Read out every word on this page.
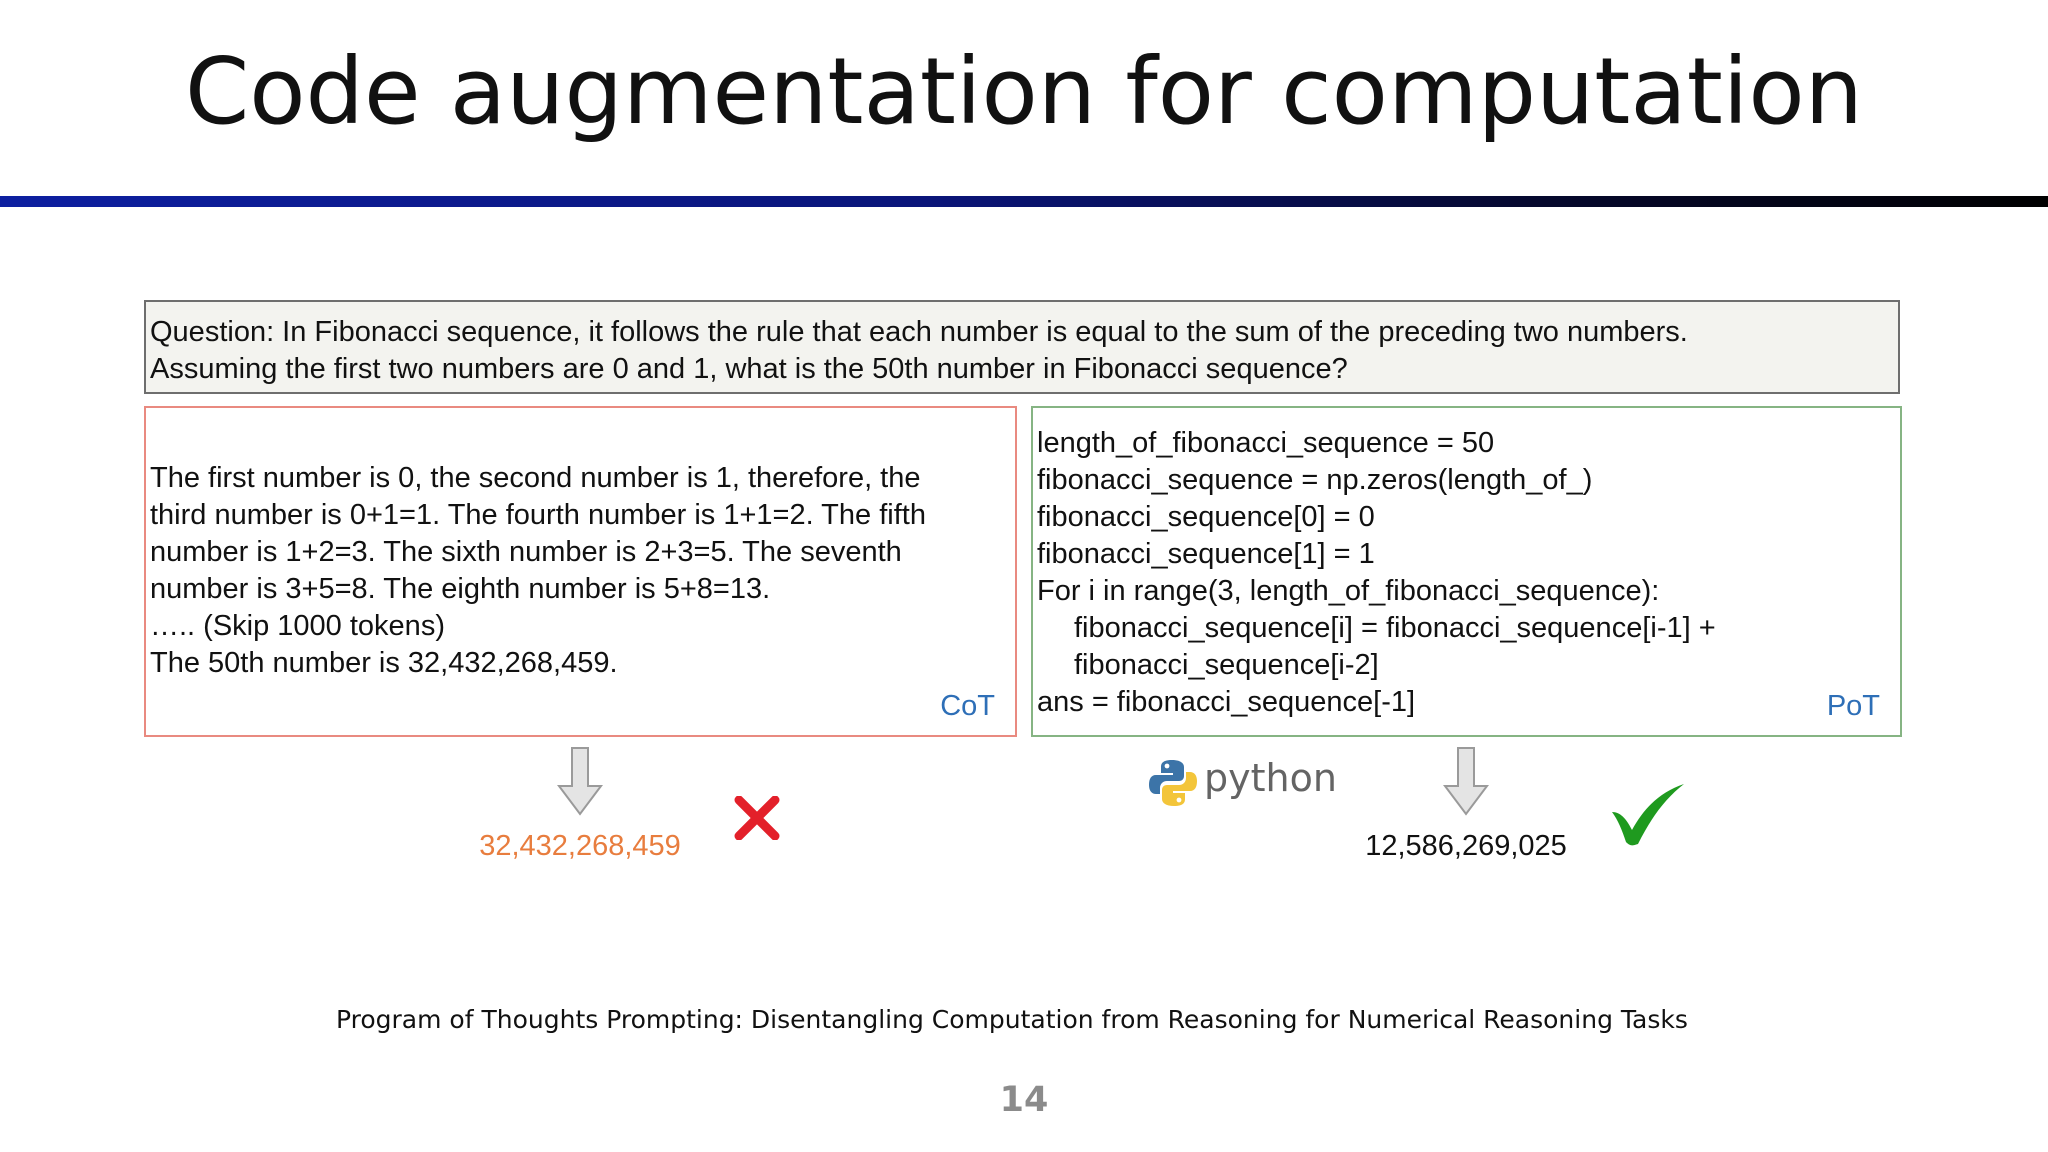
Code augmentation for computation
Question: In Fibonacci sequence, it follows the rule that each number is equal to the sum of the preceding two numbers.
Assuming the first two numbers are 0 and 1, what is the 50th number in Fibonacci sequence?
The first number is 0, the second number is 1, therefore, the
third number is 0+1=1. The fourth number is 1+1=2. The fifth
number is 1+2=3. The sixth number is 2+3=5. The seventh
number is 3+5=8. The eighth number is 5+8=13.
….. (Skip 1000 tokens)
The 50th number is 32,432,268,459.
CoT
length_of_fibonacci_sequence = 50
fibonacci_sequence = np.zeros(length_of_)
fibonacci_sequence[0] = 0
fibonacci_sequence[1] = 1
For i in range(3, length_of_fibonacci_sequence):
fibonacci_sequence[i] = fibonacci_sequence[i-1] +
fibonacci_sequence[i-2]
ans = fibonacci_sequence[-1]	PoT
32,432,268,459
python
12,586,269,025
Program of Thoughts Prompting: Disentangling Computation from Reasoning for Numerical Reasoning Tasks
14
